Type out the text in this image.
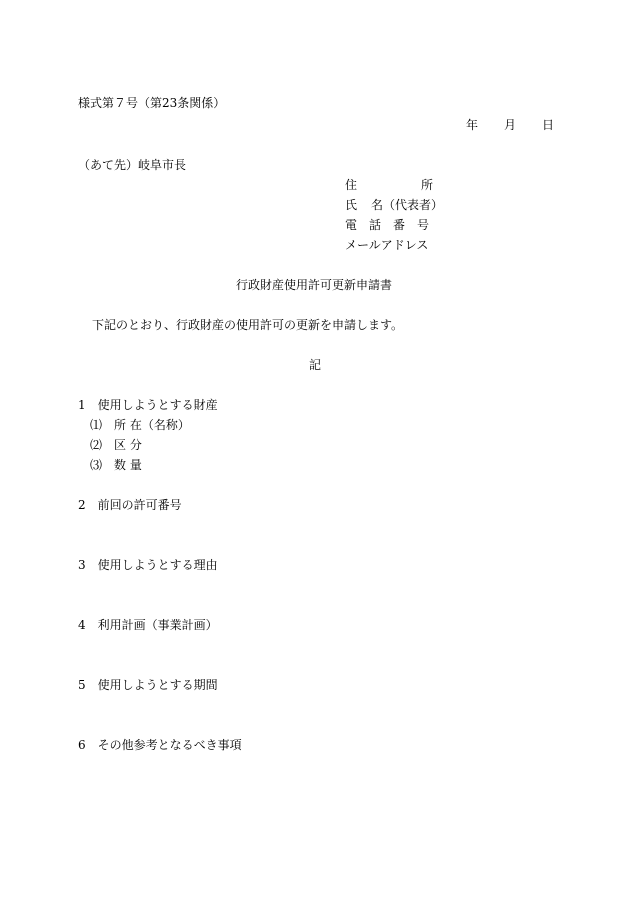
様式第７号（第23条関係）
年 月 日
（あて先）岐阜市長
住	所
氏 名（代表者）
電　話　番　号
メールアドレス
行政財産使用許可更新申請書
下記のとおり、行政財産の使用許可の更新を申請します。
記
1 使用しようとする財産
⑴ 所 在（名称）
⑵ 区 分
⑶ 数 量
2 前回の許可番号
3 使用しようとする理由
4 利用計画（事業計画）
5 使用しようとする期間
6 その他参考となるべき事項
